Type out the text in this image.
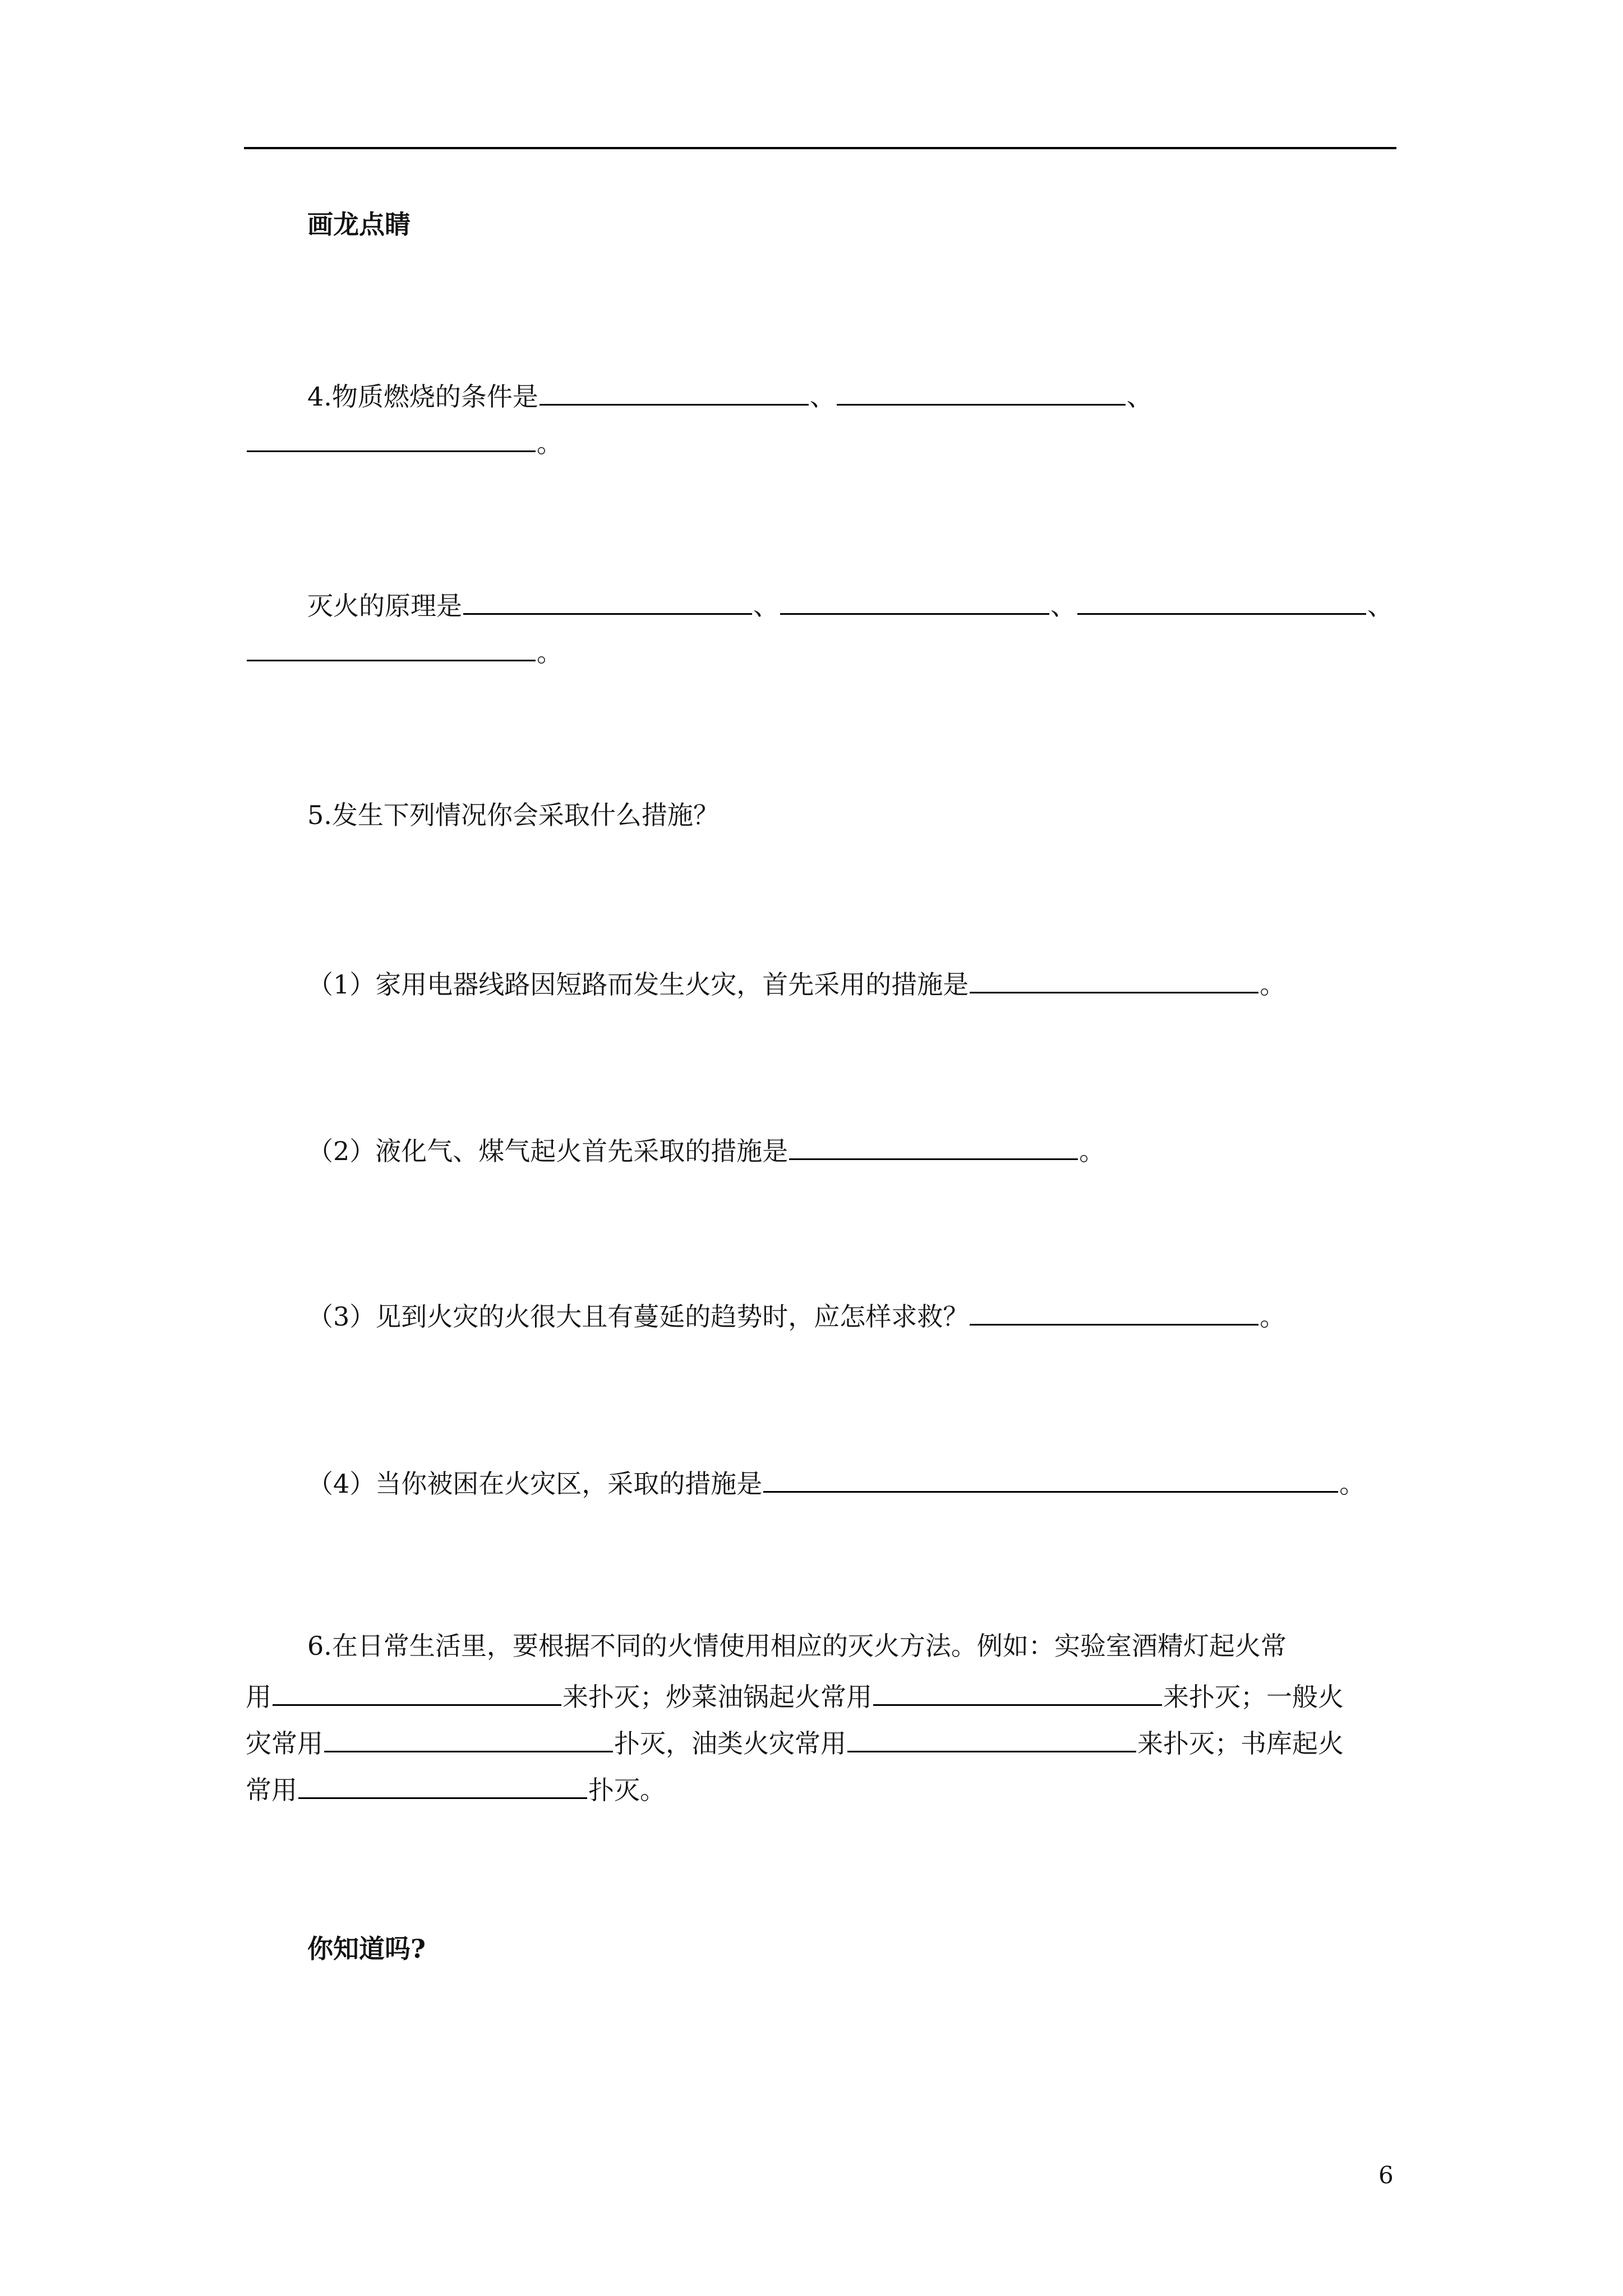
画龙点睛
4.物质燃烧的条件是	、	、
。
灭火的原理是	、	、	、
。
5.发生下列情况你会采取什么措施？
（1）家用电器线路因短路而发生火灾，首先采用的措施是	。
（2）液化气、煤气起火首先采取的措施是	。
（3）见到火灾的火很大且有蔓延的趋势时，应怎样求救？	。
（4）当你被困在火灾区，采取的措施是	。
6.在日常生活里，要根据不同的火情使用相应的灭火方法。例如：实验室酒精灯起火常
用	来扑灭；炒菜油锅起火常用	来扑灭；一般火
灾常用	扑灭，油类火灾常用	来扑灭；书库起火
常用	扑灭。
你知道吗?
6
